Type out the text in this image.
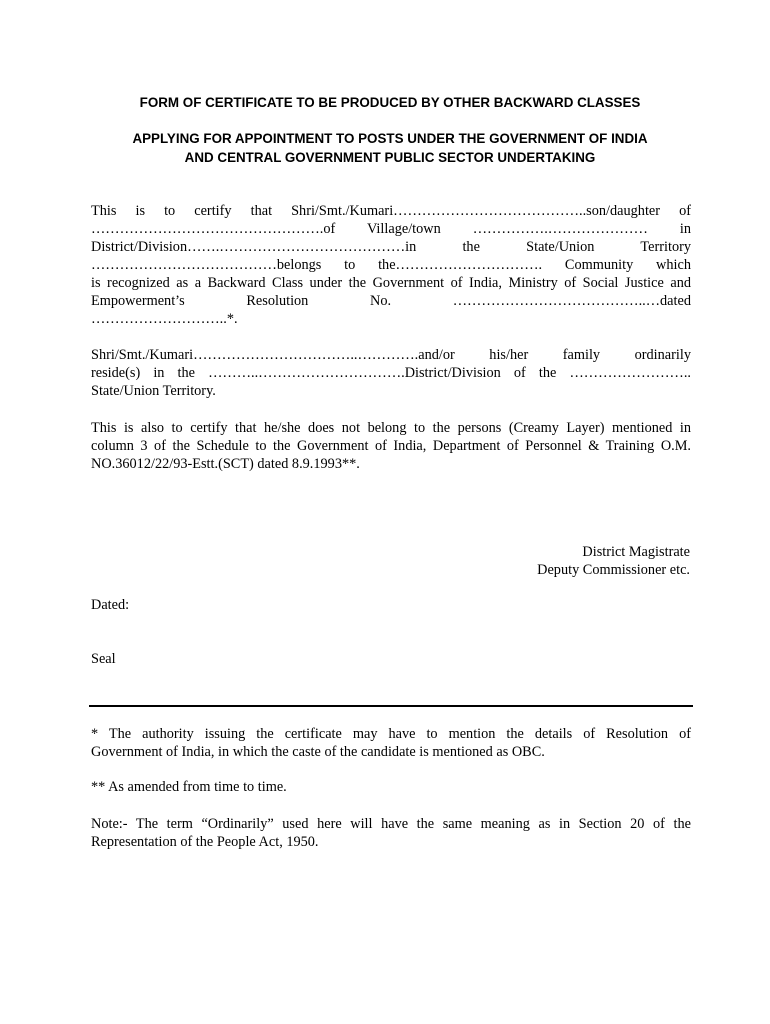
FORM OF CERTIFICATE TO BE PRODUCED BY OTHER BACKWARD CLASSES

APPLYING FOR APPOINTMENT TO POSTS UNDER THE GOVERNMENT OF INDIA
AND CENTRAL GOVERNMENT PUBLIC SECTOR UNDERTAKING

This is to certify that Shri/Smt./Kumari…………………………………..son/daughter of
………………………………………….of Village/town …………….………………… in
District/Division…….…………………………………in the State/Union Territory
…………………………………belongs to the…………………………. Community which
is recognized as a Backward Class under the Government of India, Ministry of Social Justice and
Empowerment’s Resolution No. …………………………………..…dated
………………………..*.
Shri/Smt./Kumari……………………………..………….and/or his/her family ordinarily
reside(s) in the ………..………………………….District/Division of the ……………………..
State/Union Territory.
This is also to certify that he/she does not belong to the persons (Creamy Layer) mentioned in
column 3 of the Schedule to the Government of India, Department of Personnel & Training O.M.
NO.36012/22/93-Estt.(SCT) dated 8.9.1993**.
District Magistrate
Deputy Commissioner etc.
Dated:
Seal
* The authority issuing the certificate may have to mention the details of Resolution of
Government of India, in which the caste of the candidate is mentioned as OBC.
** As amended from time to time.
Note:- The term “Ordinarily” used here will have the same meaning as in Section 20 of the
Representation of the People Act, 1950.
